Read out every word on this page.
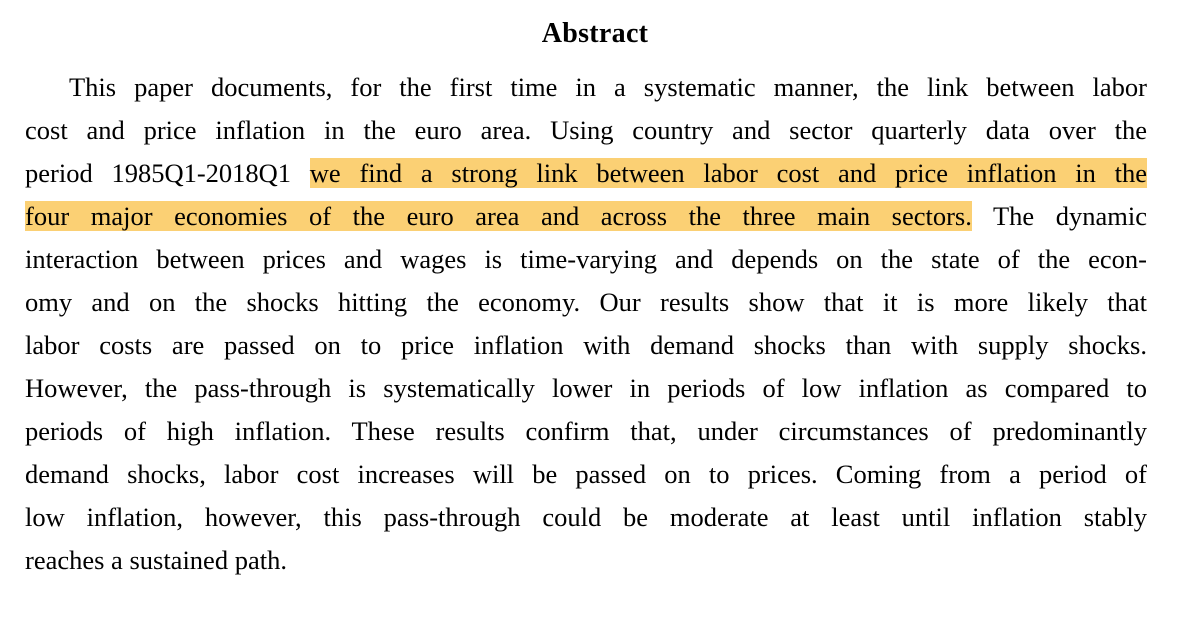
Abstract
This paper documents, for the first time in a systematic manner, the link between labor
cost and price inflation in the euro area. Using country and sector quarterly data over the
period 1985Q1-2018Q1 we find a strong link between labor cost and price inflation in the
four major economies of the euro area and across the three main sectors. The dynamic
interaction between prices and wages is time-varying and depends on the state of the econ-
omy and on the shocks hitting the economy. Our results show that it is more likely that
labor costs are passed on to price inflation with demand shocks than with supply shocks.
However, the pass-through is systematically lower in periods of low inflation as compared to
periods of high inflation. These results confirm that, under circumstances of predominantly
demand shocks, labor cost increases will be passed on to prices. Coming from a period of
low inflation, however, this pass-through could be moderate at least until inflation stably
reaches a sustained path.
